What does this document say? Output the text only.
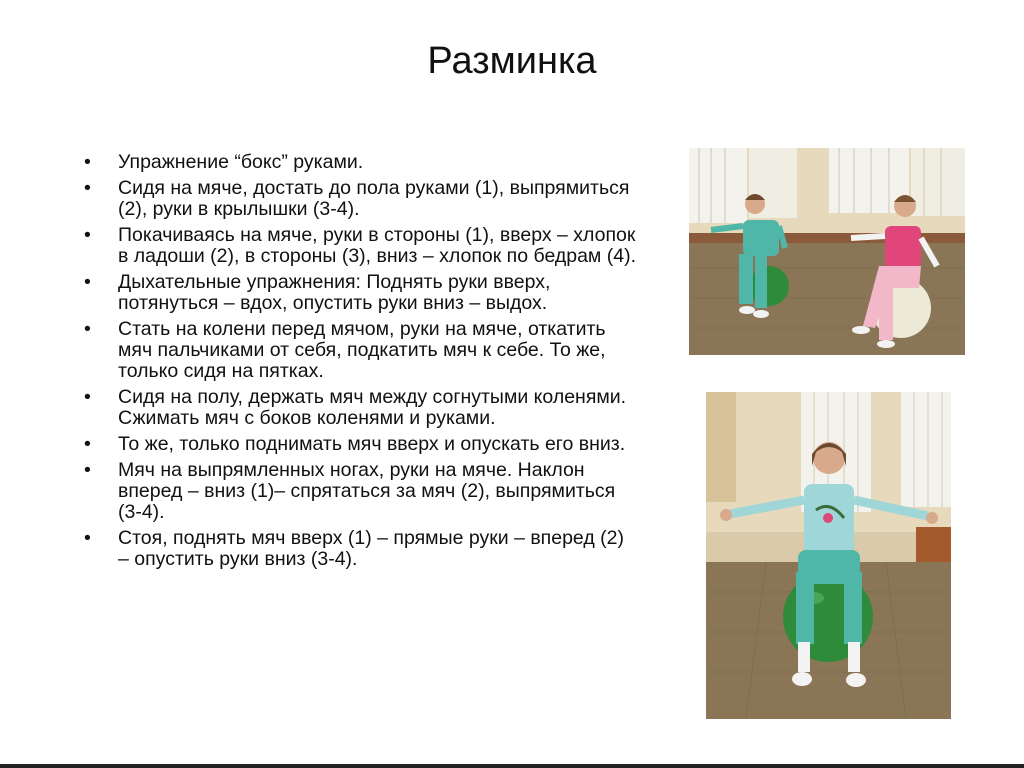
Разминка
• Упражнение “бокс” руками.
• Сидя на мяче, достать до пола руками (1), выпрямиться (2), руки в крылышки (3-4).
• Покачиваясь на мяче, руки в стороны (1), вверх – хлопок в ладоши (2), в стороны (3), вниз – хлопок по бедрам (4).
• Дыхательные упражнения: Поднять руки вверх, потянуться – вдох, опустить руки вниз – выдох.
• Стать на колени перед мячом, руки на мяче, откатить мяч пальчиками от себя, подкатить мяч к себе. То же, только сидя на пятках.
• Сидя на полу, держать мяч между согнутыми коленями. Сжимать мяч с боков коленями и руками.
• То же, только поднимать мяч вверх и опускать его вниз.
• Мяч на выпрямленных ногах, руки на мяче. Наклон вперед – вниз (1)– спрятаться за мяч (2), выпрямиться (3-4).
• Стоя, поднять мяч вверх (1) – прямые руки – вперед (2) – опустить руки вниз (3-4).
